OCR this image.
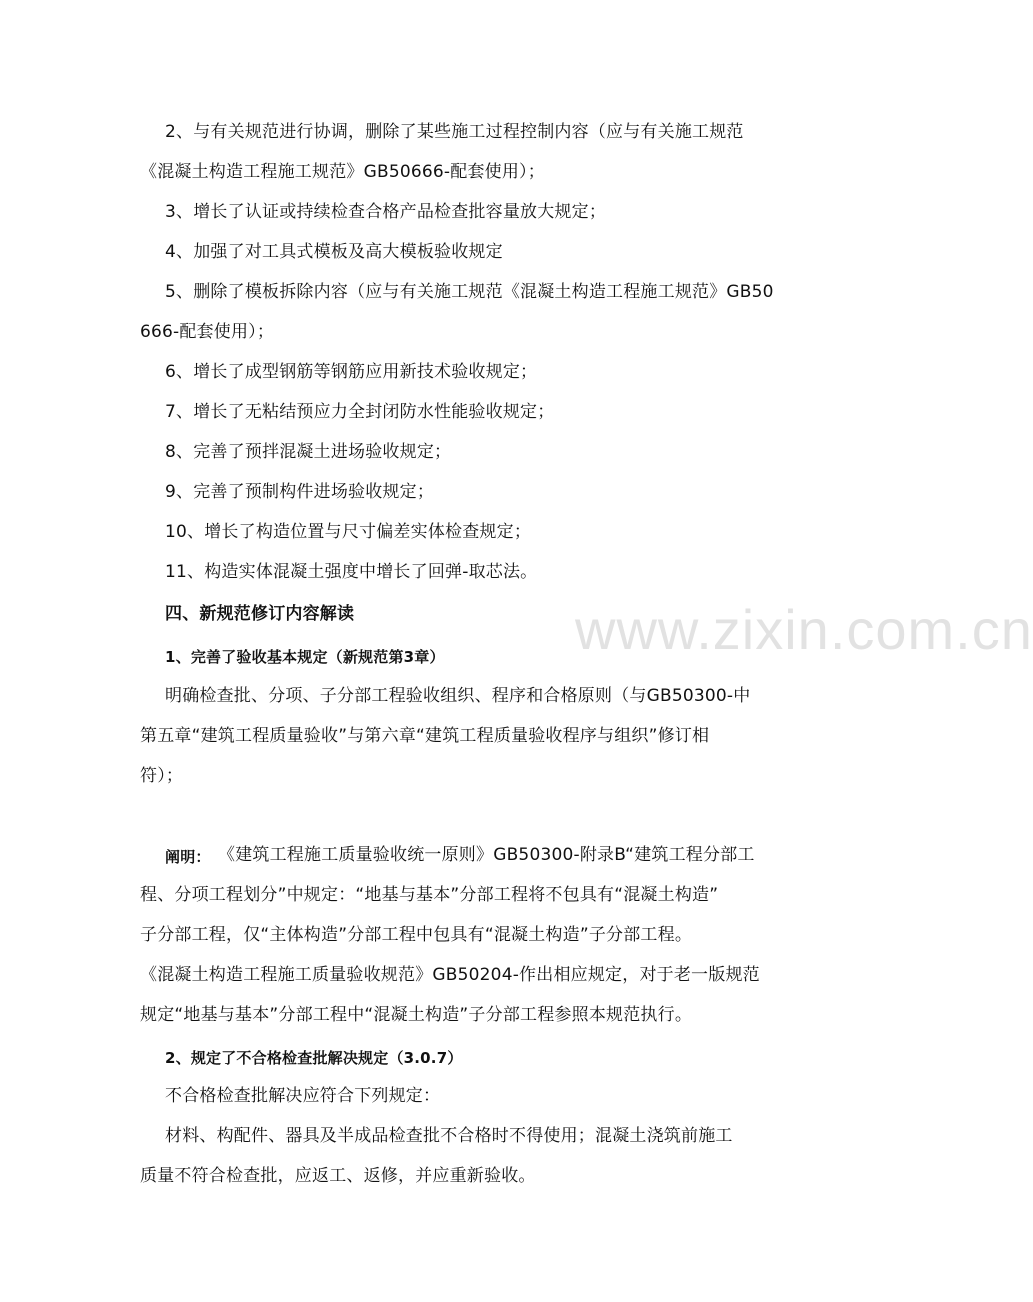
2、与有关规范进行协调，删除了某些施工过程控制内容（应与有关施工规范
《混凝土构造工程施工规范》GB50666-配套使用）；
3、增长了认证或持续检查合格产品检查批容量放大规定；
4、加强了对工具式模板及高大模板验收规定
5、删除了模板拆除内容（应与有关施工规范《混凝土构造工程施工规范》GB50
666-配套使用）；
6、增长了成型钢筋等钢筋应用新技术验收规定；
7、增长了无粘结预应力全封闭防水性能验收规定；
8、完善了预拌混凝土进场验收规定；
9、完善了预制构件进场验收规定；
10、增长了构造位置与尺寸偏差实体检查规定；
11、构造实体混凝土强度中增长了回弹-取芯法。
四、新规范修订内容解读
1、完善了验收基本规定（新规范第3章）
明确检查批、分项、子分部工程验收组织、程序和合格原则（与GB50300-中
第五章“建筑工程质量验收”与第六章“建筑工程质量验收程序与组织”修订相
符）；
阐明： 《建筑工程施工质量验收统一原则》GB50300-附录B“建筑工程分部工
程、分项工程划分”中规定：“地基与基本”分部工程将不包具有“混凝土构造”
子分部工程，仅“主体构造”分部工程中包具有“混凝土构造”子分部工程。
《混凝土构造工程施工质量验收规范》GB50204-作出相应规定，对于老一版规范
规定“地基与基本”分部工程中“混凝土构造”子分部工程参照本规范执行。
2、规定了不合格检查批解决规定（3.0.7）
不合格检查批解决应符合下列规定：
材料、构配件、器具及半成品检查批不合格时不得使用；混凝土浇筑前施工
质量不符合检查批，应返工、返修，并应重新验收。
www.zixin.com.cn
